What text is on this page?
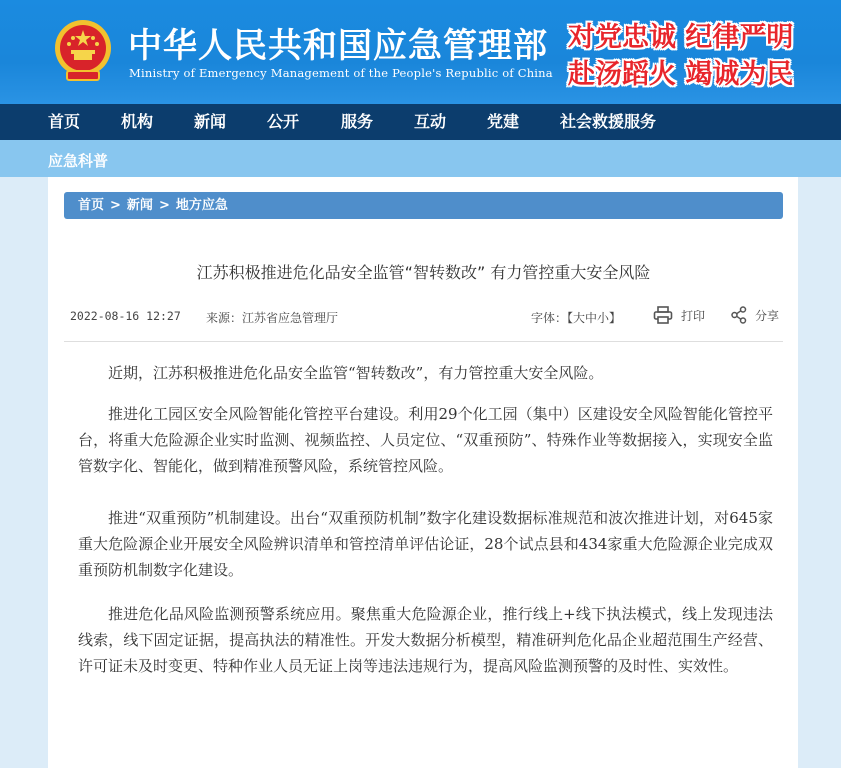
中华人民共和国应急管理部
Ministry of Emergency Management of the People's Republic of China
对党忠诚 纪律严明
赴汤蹈火 竭诚为民
首页	机构	新闻	公开	服务	互动	党建	社会救援服务
应急科普
首页 > 新闻 > 地方应急
江苏积极推进危化品安全监管“智转数改” 有力管控重大安全风险
2022-08-16 12:27 来源：江苏省应急管理厅	字体：【大中小】	打印	分享

近期，江苏积极推进危化品安全监管“智转数改”，有力管控重大安全风险。

推进化工园区安全风险智能化管控平台建设。利用29个化工园（集中）区建设安全风险智能化管控平台，将重大危险源企业实时监测、视频监控、人员定位、“双重预防”、特殊作业等数据接入，实现安全监管数字化、智能化，做到精准预警风险，系统管控风险。

推进“双重预防”机制建设。出台“双重预防机制”数字化建设数据标准规范和波次推进计划，对645家重大危险源企业开展安全风险辨识清单和管控清单评估论证，28个试点县和434家重大危险源企业完成双重预防机制数字化建设。

推进危化品风险监测预警系统应用。聚焦重大危险源企业，推行线上+线下执法模式，线上发现违法线索，线下固定证据，提高执法的精准性。开发大数据分析模型，精准研判危化品企业超范围生产经营、许可证未及时变更、特种作业人员无证上岗等违法违规行为，提高风险监测预警的及时性、实效性。
